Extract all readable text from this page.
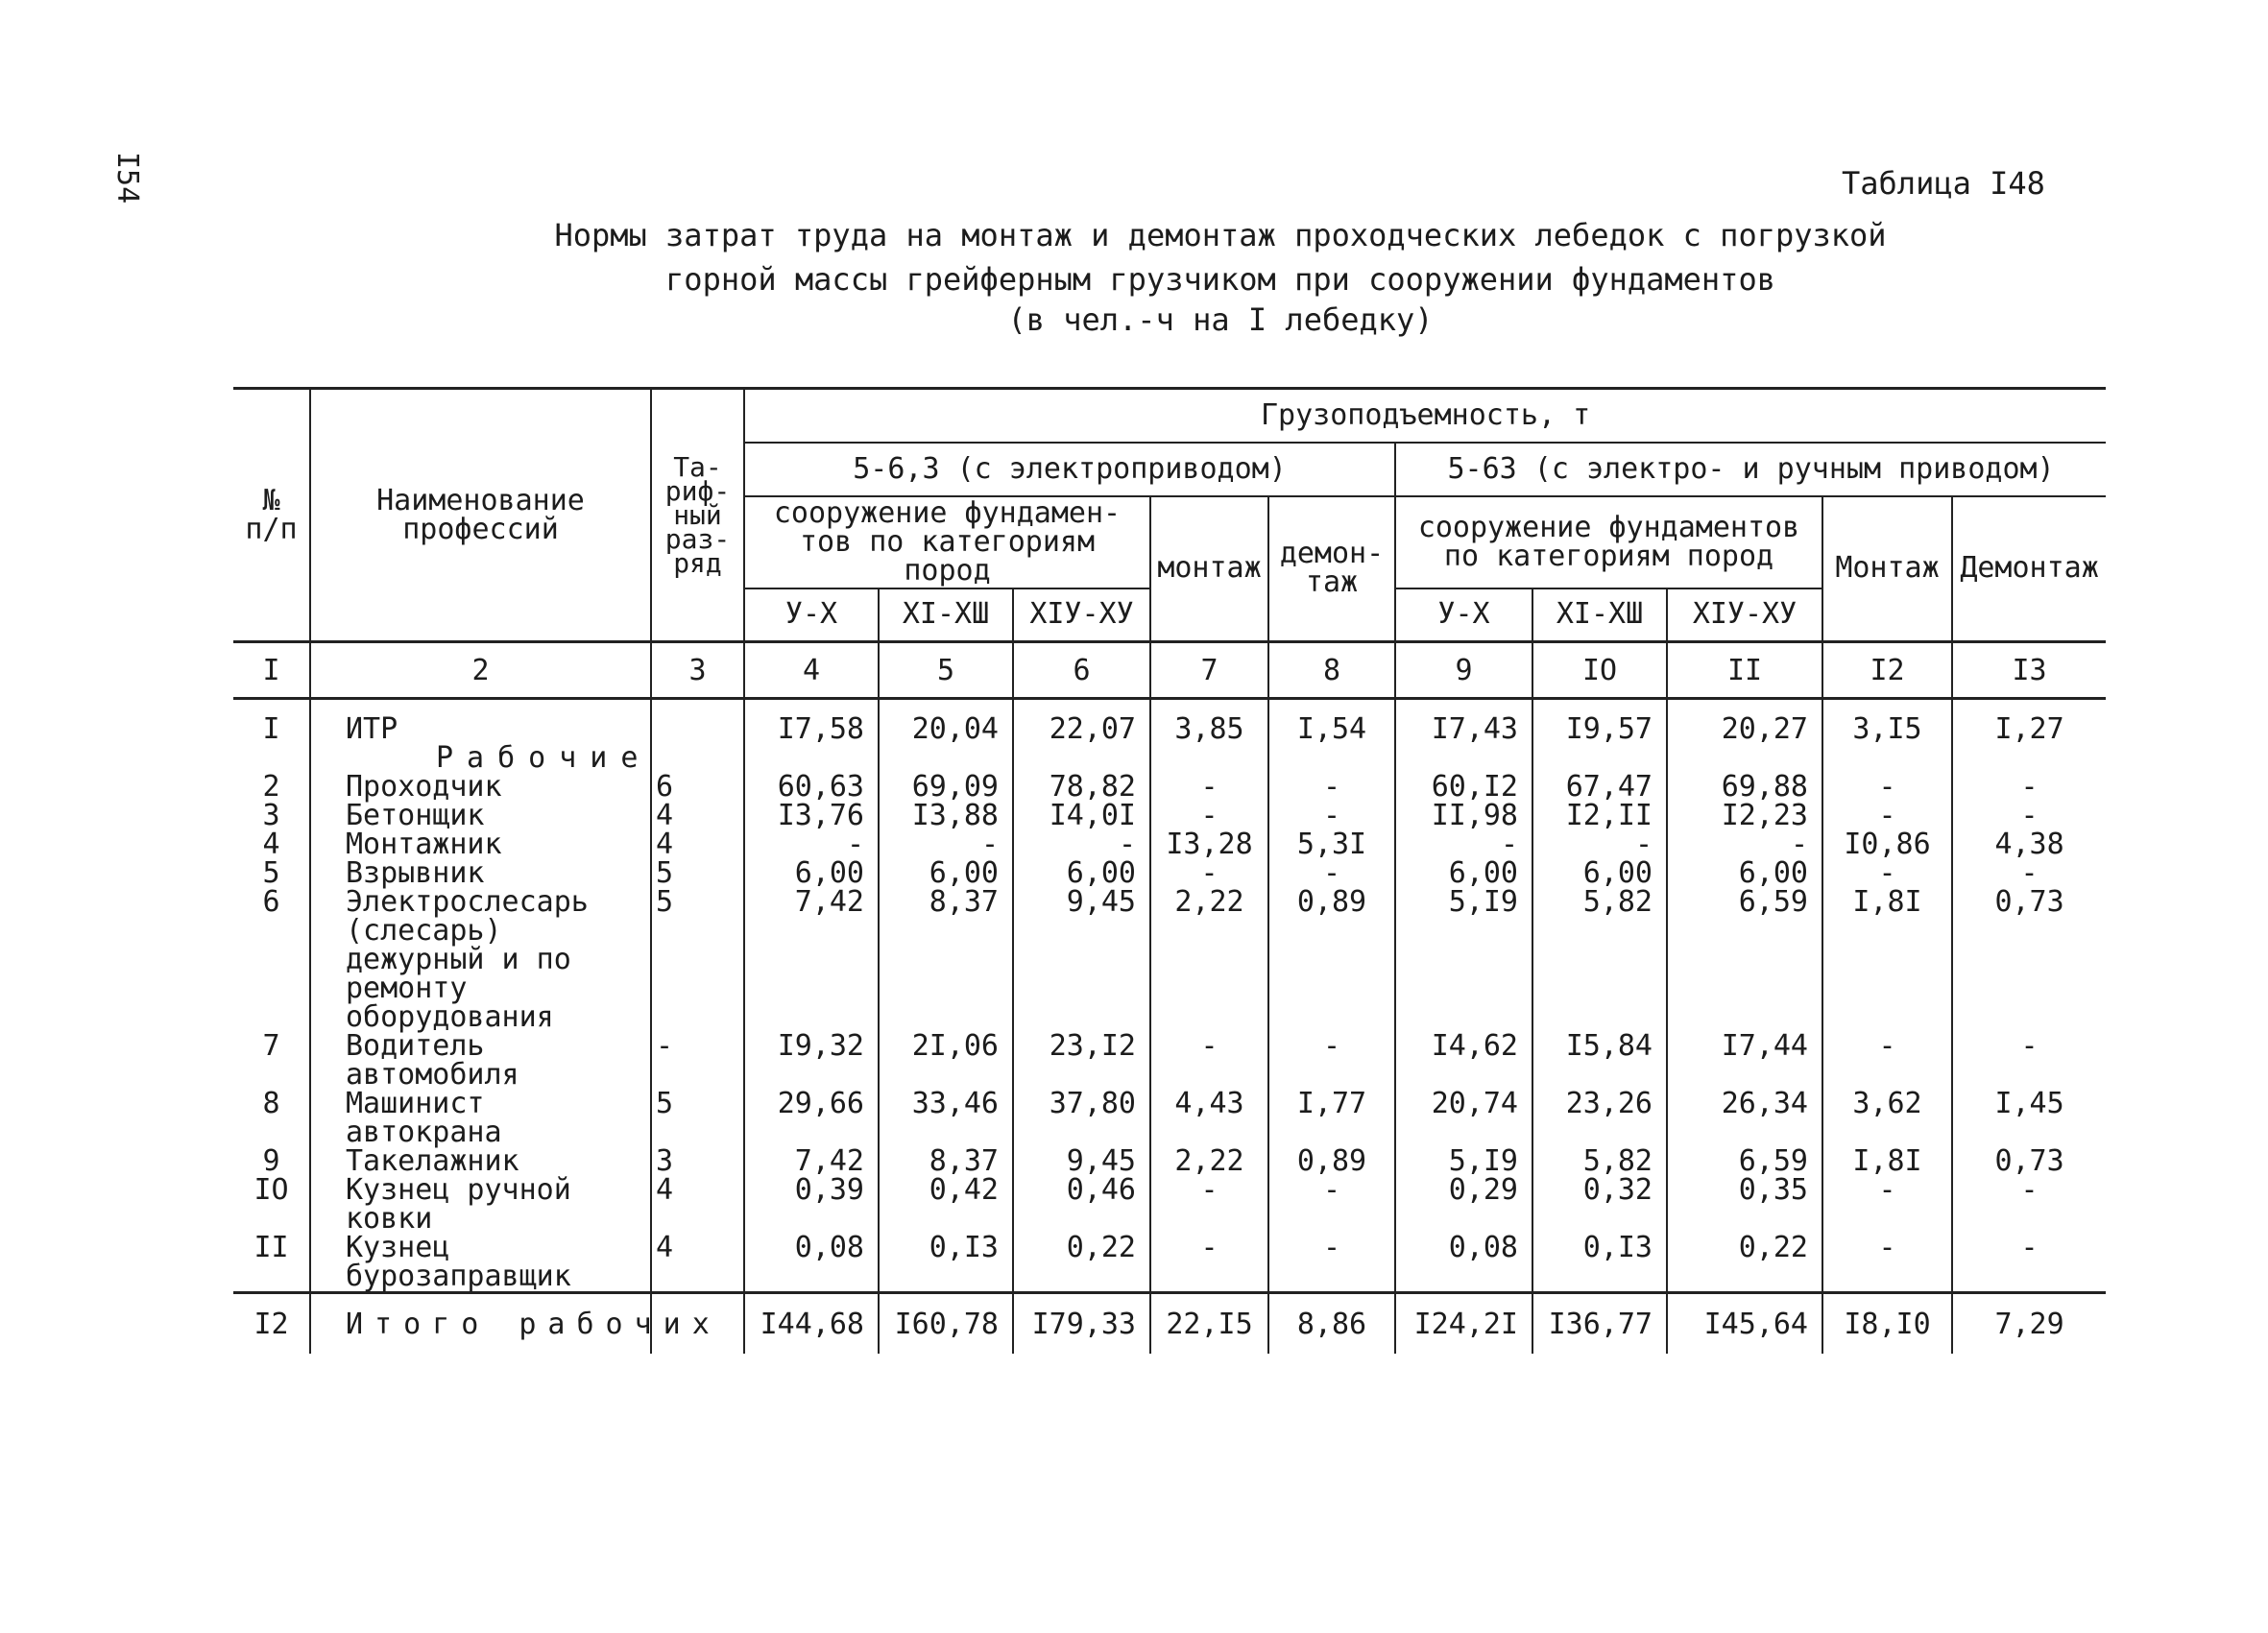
I54	Таблица I48
Нормы затрат труда на монтаж и демонтаж проходческих лебедок с погрузкой
горной массы грейферным грузчиком при сооружении фундаментов
(в чел.-ч на I лебедку)
№ п/п	Наименование профессий	Та-риф-ный раз-ряд	Грузоподъемность, т									
			5-6,3 (с электроприводом)					5-63 (с электро- и ручным приводом)				
			сооружение фундамен-тов по категориям пород			монтаж	демон-таж	сооружение фундаментов по категориям пород			Монтаж	Демонтаж
			У-Х	ХI-ХШ	ХIУ-ХУ			У-Х	ХI-ХШ	ХIУ-ХУ		
I	2	3	4	5	6	7	8	9	IO	II	I2	I3

I	ИТР		I7,58	20,04	22,07	3,85	I,54	I7,43	I9,57	20,27	3,I5	I,27
	Рабочие											
2	Проходчик	6	60,63	69,09	78,82	-	-	60,I2	67,47	69,88	-	-
3	Бетонщик	4	I3,76	I3,88	I4,0I	-	-	II,98	I2,II	I2,23	-	-
4	Монтажник	4	-	-	-	I3,28	5,3I	-	-	-	I0,86	4,38
5	Взрывник	5	6,00	6,00	6,00	-	-	6,00	6,00	6,00	-	-
6	Электрослесарь (слесарь) дежурный и по ремонту оборудования	5	7,42	8,37	9,45	2,22	0,89	5,I9	5,82	6,59	I,8I	0,73
7	Водитель автомобиля	-	I9,32	2I,06	23,I2	-	-	I4,62	I5,84	I7,44	-	-
8	Машинист автокрана	5	29,66	33,46	37,80	4,43	I,77	20,74	23,26	26,34	3,62	I,45
9	Такелажник	3	7,42	8,37	9,45	2,22	0,89	5,I9	5,82	6,59	I,8I	0,73
IO	Кузнец ручной ковки	4	0,39	0,42	0,46	-	-	0,29	0,32	0,35	-	-
II	Кузнец бурозаправщик	4	0,08	0,I3	0,22	-	-	0,08	0,I3	0,22	-	-
I2	Итого рабочих		I44,68	I60,78	I79,33	22,I5	8,86	I24,2I	I36,77	I45,64	I8,I0	7,29
